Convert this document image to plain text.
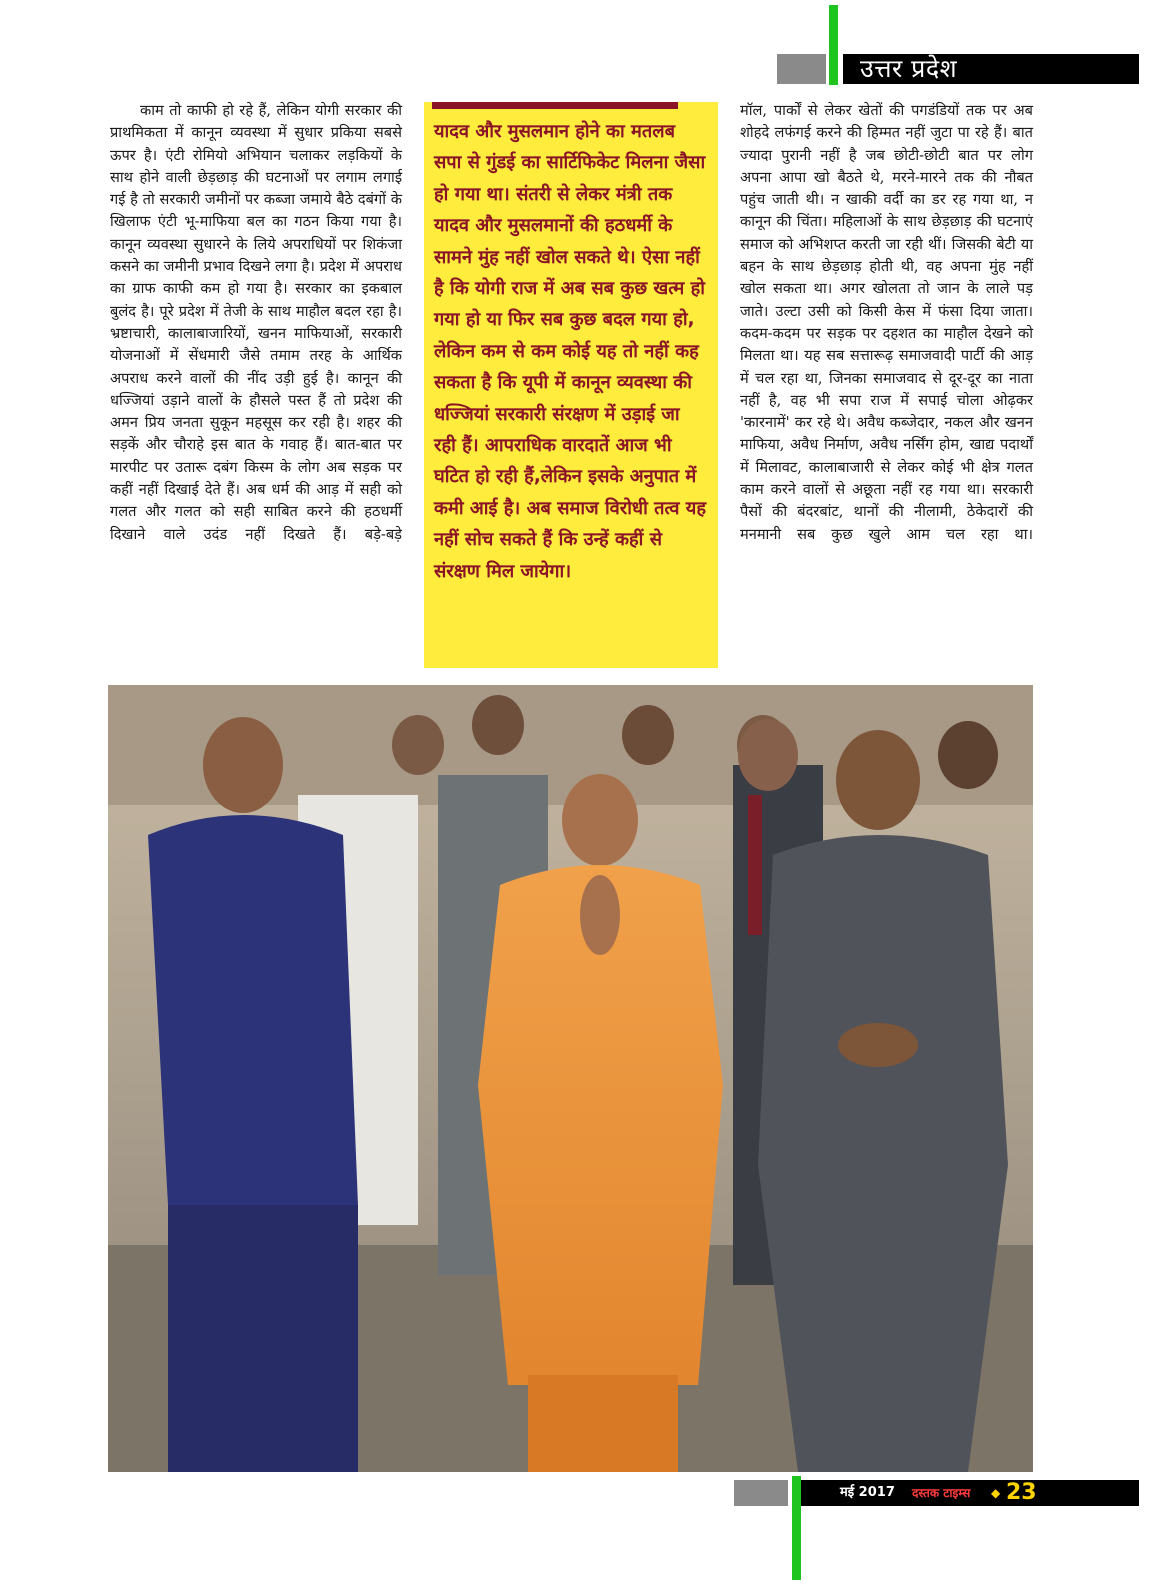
उत्तर प्रदेश

काम तो काफी हो रहे हैं, लेकिन योगी सरकार की प्राथमिकता में कानून व्यवस्था में सुधार प्रकिया सबसे ऊपर है। एंटी रोमियो अभियान चलाकर लड़कियों के साथ होने वाली छेड़छाड़ की घटनाओं पर लगाम लगाई गई है तो सरकारी जमीनों पर कब्जा जमाये बैठे दबंगों के खिलाफ एंटी भू-माफिया बल का गठन किया गया है। कानून व्यवस्था सुधारने के लिये अपराधियों पर शिकंजा कसने का जमीनी प्रभाव दिखने लगा है। प्रदेश में अपराध का ग्राफ काफी कम हो गया है। सरकार का इकबाल बुलंद है। पूरे प्रदेश में तेजी के साथ माहौल बदल रहा है। भ्रष्टाचारी, कालाबाजारियों, खनन माफियाओं, सरकारी योजनाओं में सेंधमारी जैसे तमाम तरह के आर्थिक अपराध करने वालों की नींद उड़ी हुई है। कानून की धज्जियां उड़ाने वालों के हौसले पस्त हैं तो प्रदेश की अमन प्रिय जनता सुकून महसूस कर रही है। शहर की सड़कें और चौराहे इस बात के गवाह हैं। बात-बात पर मारपीट पर उतारू दबंग किस्म के लोग अब सड़क पर कहीं नहीं दिखाई देते हैं। अब धर्म की आड़ में सही को गलत और गलत को सही साबित करने की हठधर्मी दिखाने वाले उदंड नहीं दिखते हैं। बड़े-बड़े

यादव और मुसलमान होने का मतलब सपा से गुंडई का सार्टिफिकेट मिलना जैसा हो गया था। संतरी से लेकर मंत्री तक यादव और मुसलमानों की हठधर्मी के सामने मुंह नहीं खोल सकते थे। ऐसा नहीं है कि योगी राज में अब सब कुछ खत्म हो गया हो या फिर सब कुछ बदल गया हो, लेकिन कम से कम कोई यह तो नहीं कह सकता है कि यूपी में कानून व्यवस्था की धज्जियां सरकारी संरक्षण में उड़ाई जा रही हैं। आपराधिक वारदातें आज भी घटित हो रही हैं,लेकिन इसके अनुपात में कमी आई है। अब समाज विरोधी तत्व यह नहीं सोच सकते हैं कि उन्हें कहीं से संरक्षण मिल जायेगा।

मॉल, पार्कों से लेकर खेतों की पगडंडियों तक पर अब शोहदे लफंगई करने की हिम्मत नहीं जुटा पा रहे हैं। बात ज्यादा पुरानी नहीं है जब छोटी-छोटी बात पर लोग अपना आपा खो बैठते थे, मरने-मारने तक की नौबत पहुंच जाती थी। न खाकी वर्दी का डर रह गया था, न कानून की चिंता। महिलाओं के साथ छेड़छाड़ की घटनाएं समाज को अभिशप्त करती जा रही थीं। जिसकी बेटी या बहन के साथ छेड़छाड़ होती थी, वह अपना मुंह नहीं खोल सकता था। अगर खोलता तो जान के लाले पड़ जाते। उल्टा उसी को किसी केस में फंसा दिया जाता। कदम-कदम पर सड़क पर दहशत का माहौल देखने को मिलता था। यह सब सत्तारूढ़ समाजवादी पार्टी की आड़ में चल रहा था, जिनका समाजवाद से दूर-दूर का नाता नहीं है, वह भी सपा राज में सपाई चोला ओढ़कर 'कारनामें' कर रहे थे। अवैध कब्जेदार, नकल और खनन माफिया, अवैध निर्माण, अवैध नर्सिंग होम, खाद्य पदार्थों में मिलावट, कालाबाजारी से लेकर कोई भी क्षेत्र गलत काम करने वालों से अछूता नहीं रह गया था। सरकारी पैसों की बंदरबांट, थानों की नीलामी, ठेकेदारों की मनमानी सब कुछ खुले आम चल रहा था।

मई 2017 दस्तक टाइम्स ◆ 23
